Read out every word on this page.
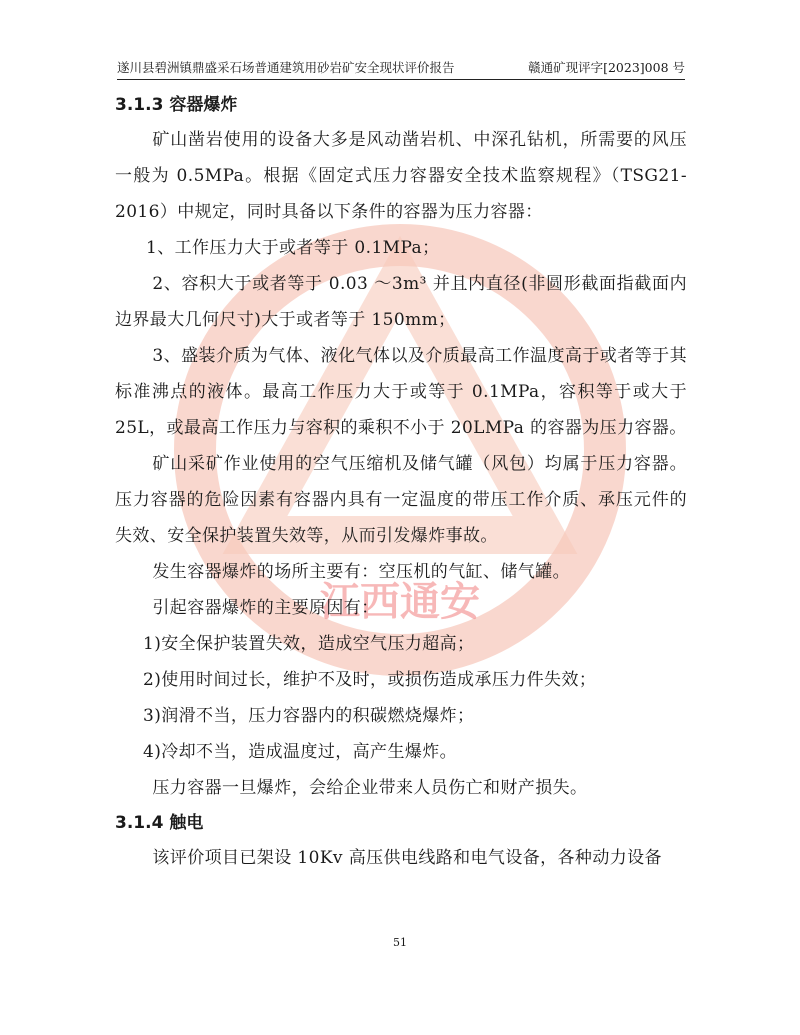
遂川县碧洲镇鼎盛采石场普通建筑用砂岩矿安全现状评价报告	赣通矿现评字[2023]008 号
江西通安
3.1.3 容器爆炸

矿山凿岩使用的设备大多是风动凿岩机、中深孔钻机，所需要的风压一般为 0.5MPa。根据《固定式压力容器安全技术监察规程》（TSG21-2016）中规定，同时具备以下条件的容器为压力容器：

1、工作压力大于或者等于 0.1MPa；

2、容积大于或者等于 0.03 ～3m³ 并且内直径(非圆形截面指截面内边界最大几何尺寸)大于或者等于 150mm；

3、盛装介质为气体、液化气体以及介质最高工作温度高于或者等于其标准沸点的液体。最高工作压力大于或等于 0.1MPa，容积等于或大于 25L，或最高工作压力与容积的乘积不小于 20LMPa 的容器为压力容器。

矿山采矿作业使用的空气压缩机及储气罐（风包）均属于压力容器。压力容器的危险因素有容器内具有一定温度的带压工作介质、承压元件的失效、安全保护装置失效等，从而引发爆炸事故。

发生容器爆炸的场所主要有：空压机的气缸、储气罐。

引起容器爆炸的主要原因有：

1)安全保护装置失效，造成空气压力超高；

2)使用时间过长，维护不及时，或损伤造成承压力件失效；

3)润滑不当，压力容器内的积碳燃烧爆炸；

4)冷却不当，造成温度过，高产生爆炸。

压力容器一旦爆炸，会给企业带来人员伤亡和财产损失。

3.1.4 触电

该评价项目已架设 10Kv 高压供电线路和电气设备，各种动力设备

51
